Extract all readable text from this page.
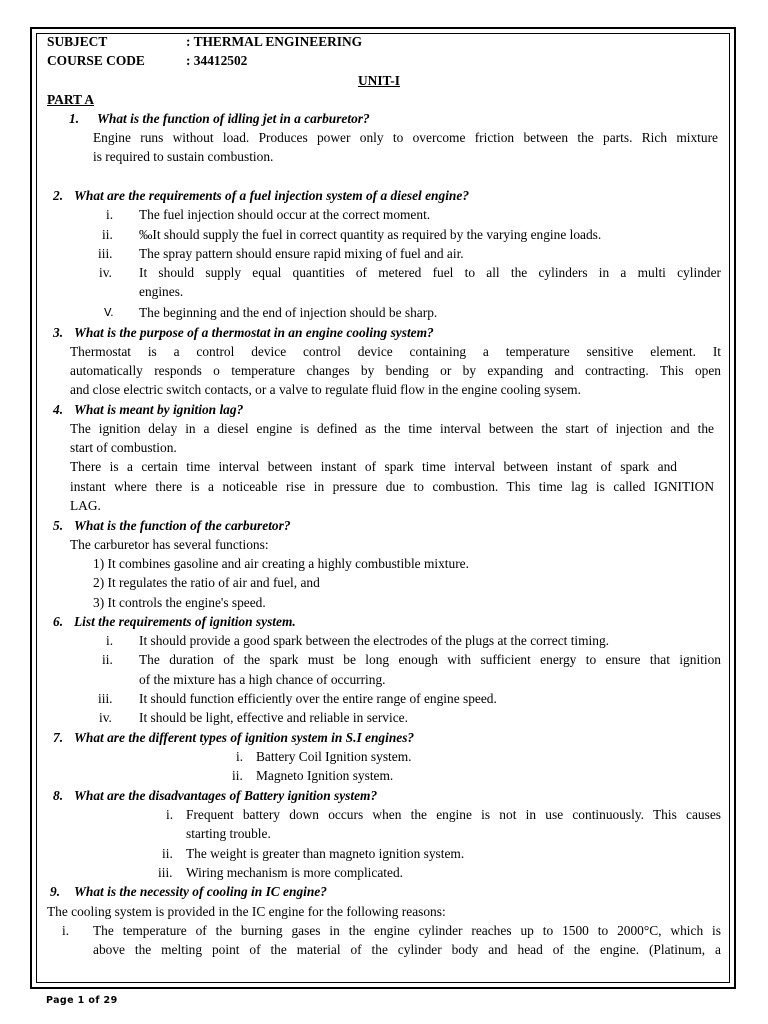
SUBJECT	: THERMAL ENGINEERING
COURSE CODE	: 34412502
UNIT-I
PART A
1. What is the function of idling jet in a carburetor?
Engine runs without load. Produces power only to overcome friction between the parts. Rich mixture
is required to sustain combustion.
2. What are the requirements of a fuel injection system of a diesel engine?
i. The fuel injection should occur at the correct moment.
ii. ‰It should supply the fuel in correct quantity as required by the varying engine loads.
iii. The spray pattern should ensure rapid mixing of fuel and air.
iv. It should supply equal quantities of metered fuel to all the cylinders in a multi cylinder
engines.
V. The beginning and the end of injection should be sharp.
3. What is the purpose of a thermostat in an engine cooling system?
Thermostat is a control device control device containing a temperature sensitive element. It
automatically responds o temperature changes by bending or by expanding and contracting. This open
and close electric switch contacts, or a valve to regulate fluid flow in the engine cooling sysem.
4. What is meant by ignition lag?
The ignition delay in a diesel engine is defined as the time interval between the start of injection and the
start of combustion.
There is a certain time interval between instant of spark time interval between instant of spark and
instant where there is a noticeable rise in pressure due to combustion. This time lag is called IGNITION
LAG.
5. What is the function of the carburetor?
The carburetor has several functions:
1) It combines gasoline and air creating a highly combustible mixture.
2) It regulates the ratio of air and fuel, and
3) It controls the engine's speed.
6. List the requirements of ignition system.
i. It should provide a good spark between the electrodes of the plugs at the correct timing.
ii. The duration of the spark must be long enough with sufficient energy to ensure that ignition
of the mixture has a high chance of occurring.
iii. It should function efficiently over the entire range of engine speed.
iv. It should be light, effective and reliable in service.
7. What are the different types of ignition system in S.I engines?
i. Battery Coil Ignition system.
ii. Magneto Ignition system.
8. What are the disadvantages of Battery ignition system?
i. Frequent battery down occurs when the engine is not in use continuously. This causes
starting trouble.
ii. The weight is greater than magneto ignition system.
iii. Wiring mechanism is more complicated.
9. What is the necessity of cooling in IC engine?
The cooling system is provided in the IC engine for the following reasons:
i. The temperature of the burning gases in the engine cylinder reaches up to 1500 to 2000°C, which is
above the melting point of the material of the cylinder body and head of the engine. (Platinum, a
Page 1 of 29
